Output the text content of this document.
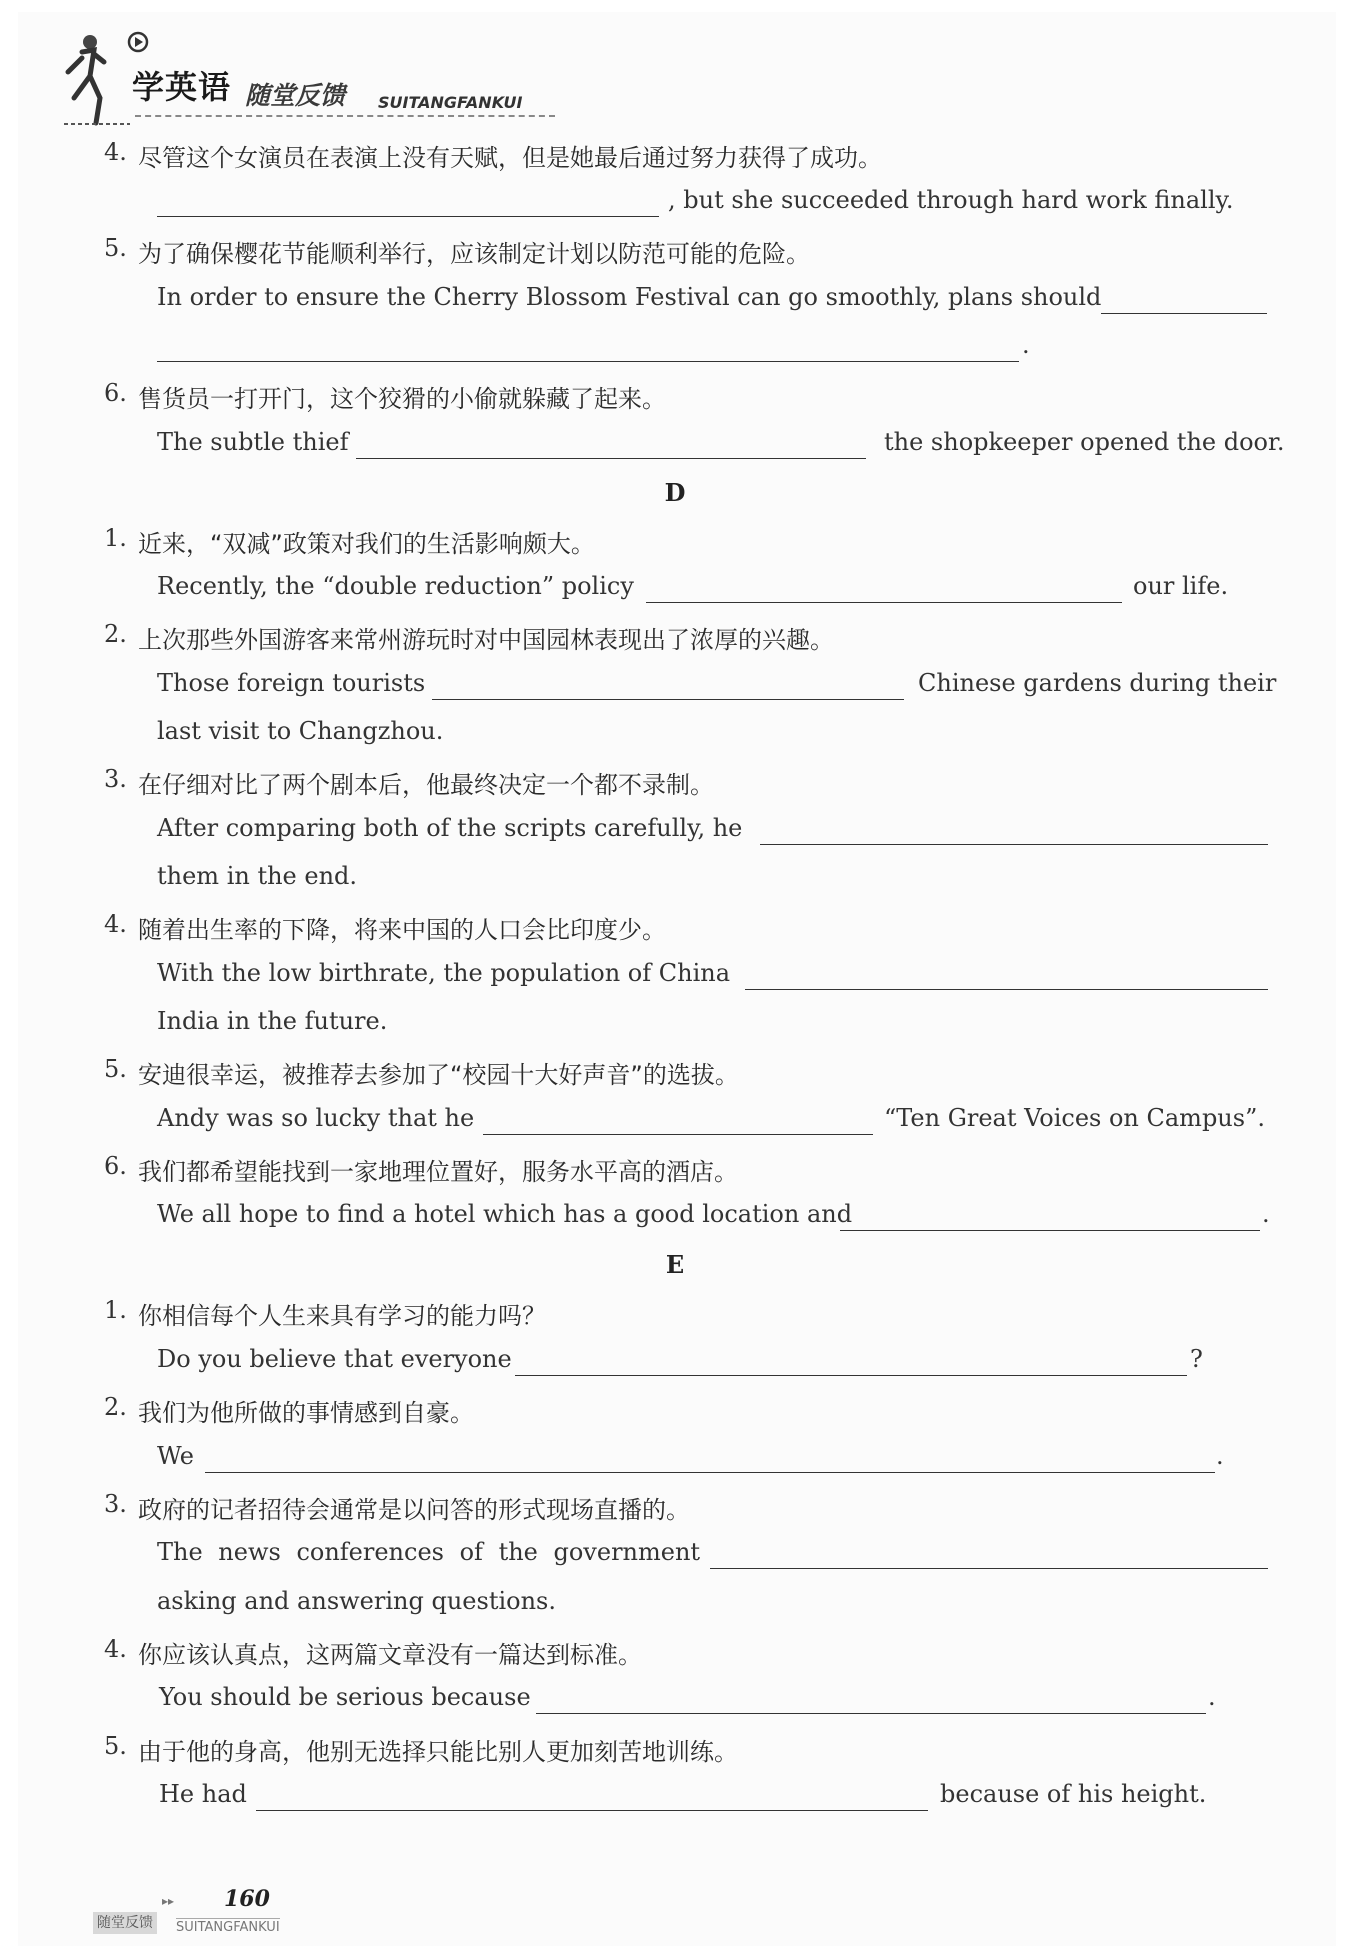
学英语 随堂反馈 SUITANGFANKUI
4. 尽管这个女演员在表演上没有天赋，但是她最后通过努力获得了成功。
, but she succeeded through hard work finally.
5. 为了确保樱花节能顺利举行，应该制定计划以防范可能的危险。
In order to ensure the Cherry Blossom Festival can go smoothly, plans should
.
6. 售货员一打开门，这个狡猾的小偷就躲藏了起来。
The subtle thief	the shopkeeper opened the door.
D
1. 近来，“双减”政策对我们的生活影响颇大。
Recently, the “double reduction” policy	our life.
2. 上次那些外国游客来常州游玩时对中国园林表现出了浓厚的兴趣。
Those foreign tourists	Chinese gardens during their
last visit to Changzhou.
3. 在仔细对比了两个剧本后，他最终决定一个都不录制。
After comparing both of the scripts carefully, he
them in the end.
4. 随着出生率的下降，将来中国的人口会比印度少。
With the low birthrate, the population of China
India in the future.
5. 安迪很幸运，被推荐去参加了“校园十大好声音”的选拔。
Andy was so lucky that he	“Ten Great Voices on Campus”.
6. 我们都希望能找到一家地理位置好，服务水平高的酒店。
We all hope to find a hotel which has a good location and	.
E
1. 你相信每个人生来具有学习的能力吗？
Do you believe that everyone	?
2. 我们为他所做的事情感到自豪。
We	.
3. 政府的记者招待会通常是以问答的形式现场直播的。
The news conferences of the government
asking and answering questions.
4. 你应该认真点，这两篇文章没有一篇达到标准。
You should be serious because	.
5. 由于他的身高，他别无选择只能比别人更加刻苦地训练。
He had	because of his height.
▸▸ 160
随堂反馈	SUITANGFANKUI
